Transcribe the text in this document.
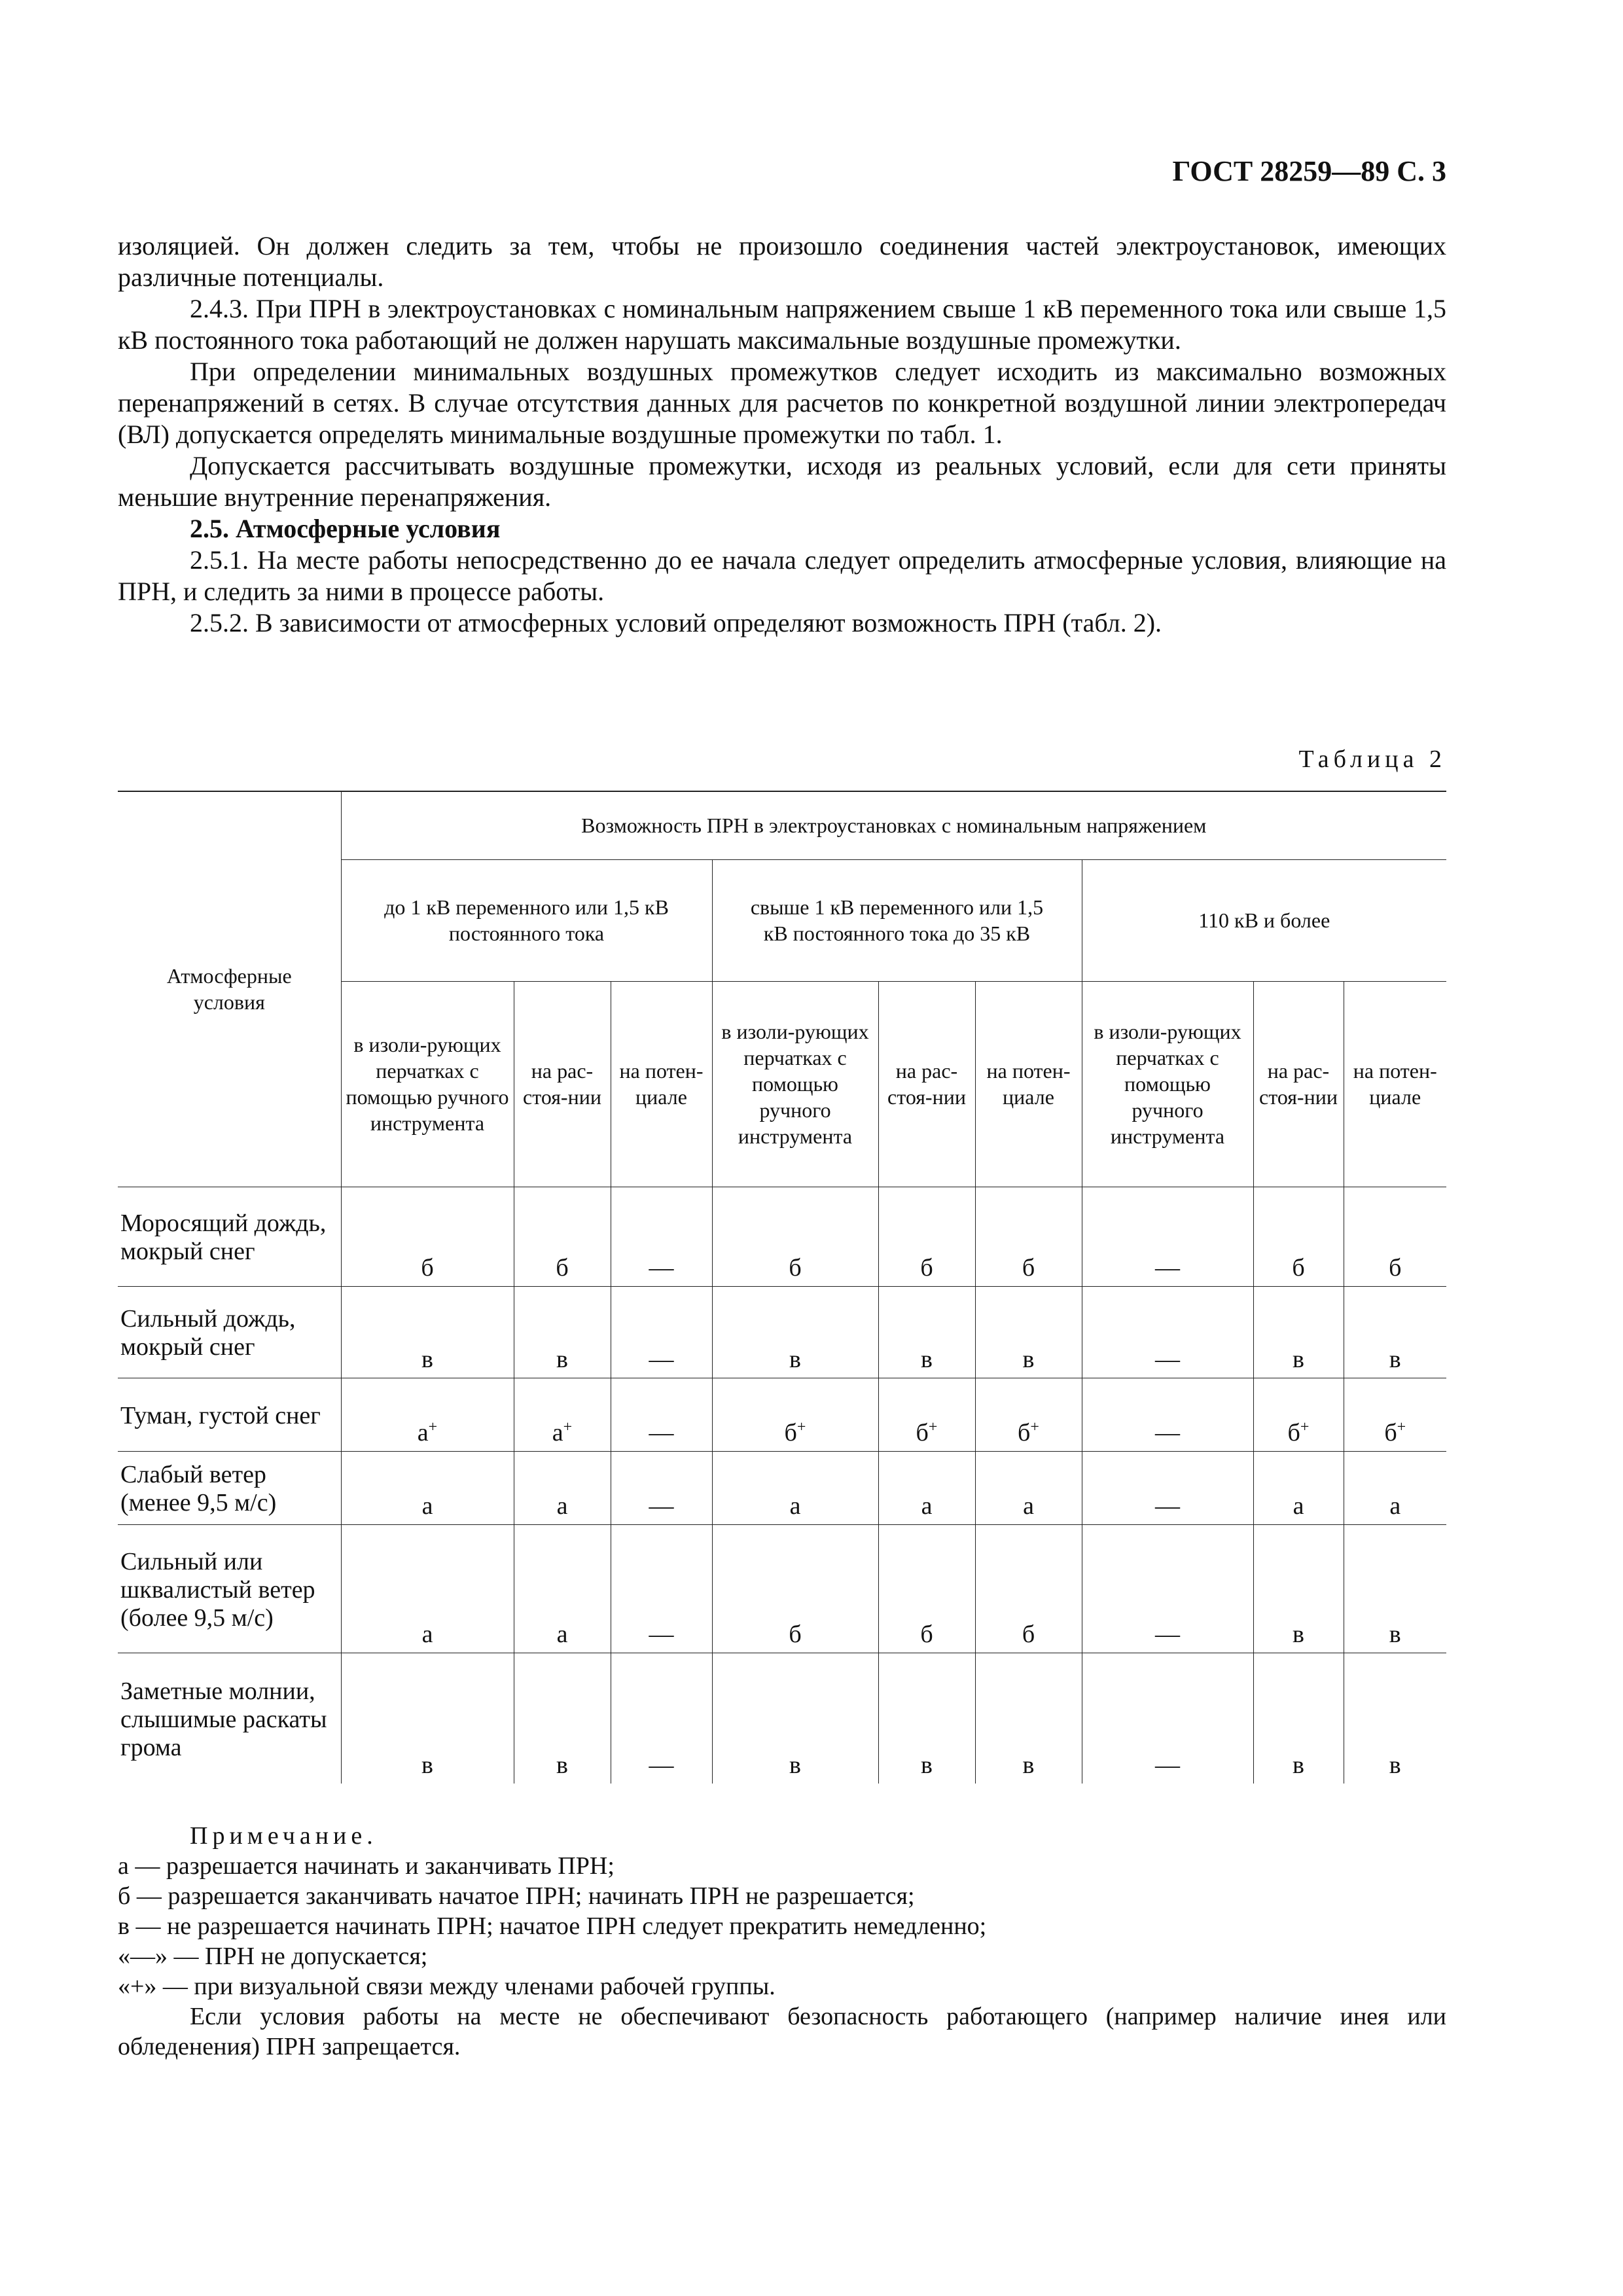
ГОСТ 28259—89 С. 3

изоляцией. Он должен следить за тем, чтобы не произошло соединения частей электроустановок, имеющих различные потенциалы.

2.4.3. При ПРН в электроустановках с номинальным напряжением свыше 1 кВ переменного тока или свыше 1,5 кВ постоянного тока работающий не должен нарушать максимальные воздушные промежутки.

При определении минимальных воздушных промежутков следует исходить из максимально возможных перенапряжений в сетях. В случае отсутствия данных для расчетов по конкретной воздушной линии электропередач (ВЛ) допускается определять минимальные воздушные промежутки по табл. 1.

Допускается рассчитывать воздушные промежутки, исходя из реальных условий, если для сети приняты меньшие внутренние перенапряжения.

2.5. Атмосферные условия

2.5.1. На месте работы непосредственно до ее начала следует определить атмосферные условия, влияющие на ПРН, и следить за ними в процессе работы.

2.5.2. В зависимости от атмосферных условий определяют возможность ПРН (табл. 2).

Таблица 2
Атмосферные условия	Возможность ПРН в электроустановках с номинальным напряжением								
	до 1 кВ переменного или 1,5 кВ постоянного тока			свыше 1 кВ переменного или 1,5 кВ постоянного тока до 35 кВ			110 кВ и более		
	в изоли-рующих перчатках с помощью ручного инструмента	на рас-стоя-нии	на потен-циале	в изоли-рующих перчатках с помощью ручного инструмента	на рас-стоя-нии	на потен-циале	в изоли-рующих перчатках с помощью ручного инструмента	на рас-стоя-нии	на потен-циале
Моросящий дождь, мокрый снег	б	б	—	б	б	б	—	б	б
Сильный дождь, мокрый снег	в	в	—	в	в	в	—	в	в
Туман, густой снег	а+	а+	—	б+	б+	б+	—	б+	б+
Слабый ветер (менее 9,5 м/с)	а	а	—	а	а	а	—	а	а
Сильный или шквалистый ветер (более 9,5 м/с)	а	а	—	б	б	б	—	в	в
Заметные молнии, слышимые раскаты грома	в	в	—	в	в	в	—	в	в

Примечание.

а — разрешается начинать и заканчивать ПРН;

б — разрешается заканчивать начатое ПРН; начинать ПРН не разрешается;

в — не разрешается начинать ПРН; начатое ПРН следует прекратить немедленно;

«—» — ПРН не допускается;

«+» — при визуальной связи между членами рабочей группы.

Если условия работы на месте не обеспечивают безопасность работающего (например наличие инея или обледенения) ПРН запрещается.
